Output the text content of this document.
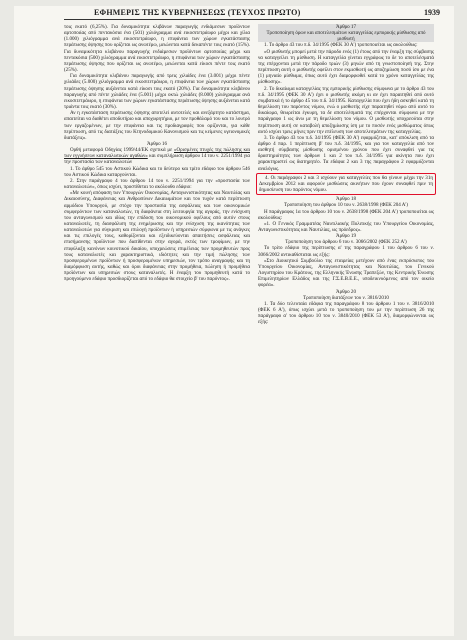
ΕΦΗΜΕΡΙΣ ΤΗΣ ΚΥΒΕΡΝΗΣΕΩΣ (ΤΕΥΧΟΣ ΠΡΩΤΟ)	1939

τοις εκατό (6,25%). Για δυναμικότητα κλιβάνων παραγωγής ενδιάμεσων προϊόντων αρτοποιίας από πεντακόσια ένα (501) χιλιόγραμμα ανά εικοσιτετράωρο μέχρι και χίλια (1.000) χιλιόγραμμα ανά εικοσιτετράωρο, η επιφάνεια των χώρων εγκατάστασης περάτωσης όψησης που ορίζεται ως ανωτέρω, μειώνεται κατά δεκαπέντε τοις εκατό (15%). Για δυναμικότητα κλιβάνου παραγωγής ενδιάμεσων προϊόντων αρτοποιίας μέχρι και πεντακόσια (500) χιλιόγραμμα ανά εικοσιτετράωρο, η επιφάνεια των χώρων εγκατάστασης περάτωσης όψησης που ορίζεται ως ανωτέρω, μειώνεται κατά είκοσι πέντε τοις εκατό (25%).

Για δυναμικότητα κλιβάνου παραγωγής από τρεις χιλιάδες ένα (3.001) μέχρι πέντε χιλιάδες (5.000) χιλιόγραμμα ανά εικοσιτετράωρο, η επιφάνεια των χώρων εγκατάστασης περάτωσης όψησης αυξάνεται κατά είκοσι τοις εκατό (20%). Για δυναμικότητα κλιβάνου παραγωγής από πέντε χιλιάδες ένα (5.001) μέχρι οκτώ χιλιάδες (8.000) χιλιόγραμμα ανά εικοσιτετράωρο, η επιφάνεια των χώρων εγκατάστασης περάτωσης όψησης αυξάνεται κατά τριάντα τοις εκατό (30%).

Αν η εγκατάσταση περάτωσης όψησης αποτελεί αυτοτελές και ανεξάρτητο κατάστημα, απαιτείται να διαθέτει αποδυτήριο και αποχωρητήριο, με τον προθάλαμό του και το λουτρό των εργαζομένων, με την επιφάνεια και τις προδιαγραφές που ορίζονται, για κάθε περίπτωση, από τις διατάξεις του Κτηνοδομικού Κανονισμού και τις κείμενες υγειονομικές διατάξεις».

Άρθρο 16

Ορθή μεταφορά Οδηγίας 1999/44/ΕΚ σχετικά με «Ορισμένες πτυχές της πώλησης και των εγγυήσεων καταναλωτικών αγαθών» και συμπλήρωση άρθρου 14 του ν. 2251/1994 για την προστασία των καταναλωτών

1. Το άρθρο 545 του Αστικού Κώδικα και το δεύτερο και τρίτο εδάφιο του άρθρου 546 του Αστικού Κώδικα καταργούνται.

2. Στην παράγραφο 4 του άρθρου 14 του ν. 2251/1994 για την «προστασία των καταναλωτών», όπως ισχύει, προστίθεται το ακόλουθο εδάφιο:

«Με κοινή απόφαση των Υπουργών Οικονομίας, Ανταγωνιστικότητας και Ναυτιλίας και Δικαιοσύνης, Διαφάνειας και Ανθρωπίνων Δικαιωμάτων και του τυχόν κατά περίπτωση αρμόδιου Υπουργού, με στόχο την προστασία της ασφάλειας και των οικονομικών συμφερόντων των καταναλωτών, τη διαφάνεια στη λειτουργία της αγοράς, την ενίσχυση του ανταγωνισμού και ιδίως την επίδοση του οικονομικού οφέλους από αυτόν στους καταναλωτές, τη διασφάλιση της ενημέρωσης και την ενίσχυση της ικανότητας των καταναλωτών για σύγκριση και επιλογή προϊόντων ή υπηρεσιών σύμφωνα με τις ανάγκες και τις επιλογές τους, καθορίζονται και εξειδικεύονται απαιτήσεις ασφάλειας και επισήμανσης προϊόντων που διατίθενται στην αγορά, εκτός των τροφίμων, με την επιφύλαξη κανόνων κοινοτικού δικαίου, υποχρεώσεις επιμέλειας των προμηθευτών προς τους καταναλωτές και χαρακτηριστικά, ιδιότητες και την τιμή πώλησης των προσφερομένων προϊόντων ή προσφερομένων υπηρεσιών, τον τρόπο αναγραφής και τη διαμόρφωση αυτής, καθώς και όροι διαφάνειας στην προμήθεια, πώληση ή προμήθεια προϊόντων και υπηρεσιών στους καταναλωτές. Η έναρξη του προμηθευτή κατά το προηγούμενο εδάφιο προσδιορίζεται από το εδάφιο θα στοιχείο β' του παρόντος».

Άρθρο 17

Τροποποίηση όρων και αποτελεσμάτων καταγγελίας εμπορικής μίσθωσης από μισθωτή

1. Το άρθρο 43 του π.δ. 34/1995 (ΦΕΚ 30 Α') τροποποιείται ως ακολούθως:

«Ο μισθωτής μπορεί μετά την πάροδο ενός (1) έτους από την έναρξη της σύμβασης να καταγγείλει τη μίσθωση. Η καταγγελία γίνεται εγγράφως το δε το αποτελέσματά της επέρχονται μετά την πάροδο τριών (3) μηνών από τη γνωστοποίησή της. Στην περίπτωση αυτή ο μισθωτής οφείλει στον εκμισθωτή ως αποζημίωση ποσό ίσο με ένα (1) μηνιαίο μίσθωμα, όπως αυτό έχει διαμορφωθεί κατά το χρόνο καταγγελίας της μίσθωσης».

2. Το δικαίωμα καταγγελίας της εμπορικής μίσθωσης σύμφωνα με το άρθρο 43 του π.δ. 34/1995 (ΦΕΚ 30 Α') έχει ο μισθωτής ακόμη κι αν έχει παραιτηθεί από αυτό συμβατικά ή το άρθρο 45 του π.δ. 34/1995. Καταγγελία που έχει ήδη ασκηθεί κατά τη θεμελίωση του παρόντος νόμου, ενώ ο μισθωτής είχε παραιτηθεί νόμω από αυτό το δικαίωμα, θεωρείται έγκυρη, τα δε αποτελέσματά της επέρχονται σύμφωνα με την παράγραφο 1 ως άνω με τη θεμελίωση του νόμου. Ο μισθωτής υποχρεούται στην περίπτωση αυτή σε καταβολή αποζημίωσης ίση με το ποσόν ενός μισθώματος όπως αυτό ισχύει τρεις μήνες πριν την επέλευση των αποτελεσμάτων της καταγγελίας.

3. Το άρθρο 43 του π.δ. 34/1995 (ΦΕΚ 30 Α') εφαρμόζεται, κατ' απόκλιση από τα άρθρο 4 παρ. 1 περίπτωση β' του π.δ. 34/1995, και για τον καταγγελία από τον αισθητή σύμβασης μίσθωσης ορισμένου χρόνου που έχει συναφθεί για τις δραστηριότητες των άρθρων 1 και 2 του π.δ. 34/1995 για ακίνητα που έχει χαρακτηριστεί ως διατηρητέο. Τα εδάφια 2 και 3 της παραγράφου 2 εφαρμόζονται αναλόγως.

4. Οι παράγραφοι 2 και 3 ισχύουν για καταγγελίες που θα γίνουν μέχρι την 31η Δεκεμβρίου 2012 και αφορούν μισθώσεις ακινήτων που έχουν συναφθεί πριν τη δημοσίευση του παρόντος νόμου.

Άρθρο 18

Τροποποίηση του άρθρου 10 του ν. 2638/1998 (ΦΕΚ 204 Α')

Η παράγραφος 1α του άρθρου 10 του ν. 2638/1998 (ΦΕΚ 204 Α') τροποποιείται ως ακολούθως:

«1. Ο Γενικός Γραμματέας Ναυτιλιακής Πολιτικής του Υπουργείου Οικονομίας, Ανταγωνιστικότητας και Ναυτιλίας, ως πρόεδρος».

Άρθρο 19

Τροποποίηση του άρθρου 6 του ν. 3066/2002 (ΦΕΚ 252 Α')

Το τρίτο εδάφιο της περίπτωσης α' της παραγράφου 1 του άρθρου 6 του ν. 3066/2002 αντικαθίσταται ως εξής:

«Στο Διοικητικό Συμβούλιο της εταιρείας μετέχουν από ένας εκπρόσωπος του Υπουργείου Οικονομίας, Ανταγωνιστικότητας και Ναυτιλίας, του Γενικού Λογιστηρίου του Κράτους, της Ελληνικής Ένωσης Τραπεζών, της Κεντρικής Ένωσης Επιμελητηρίων Ελλάδος και της Γ.Σ.Ε.Β.Ε.Ε., υποδεικνυόμενος από τον οικείο φορέα».

Άρθρο 20

Τροποποίηση διατάξεων του ν. 3816/2010

1. Τα δύο τελευταία εδάφια της παραγράφου 8 του άρθρου 1 του ν. 3816/2010 (ΦΕΚ 6 Α'), όπως ισχύει μετά το τροποποίηση του με την περίπτωση 26 της παράγραφο α' του άρθρου 10 του ν. 3840/2010 (ΦΕΚ 53 Α'), διαμορφώνονται ως εξής:
